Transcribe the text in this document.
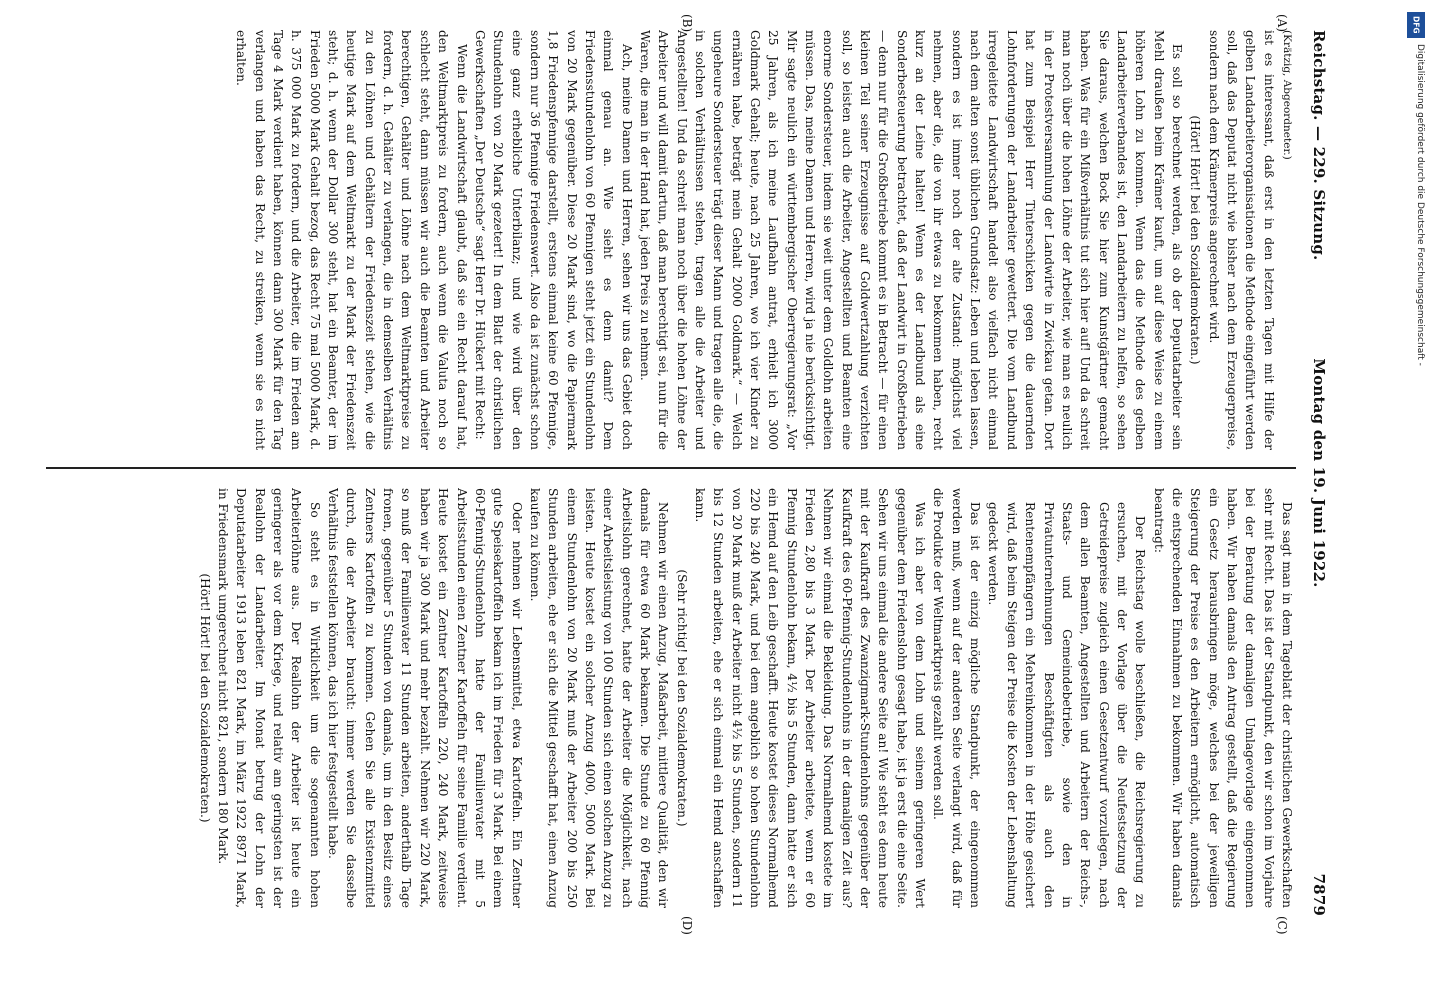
Reichstag. — 229. Sitzung.
Montag den 19. Juni 1922.
7879

(Krätzig, Abgeordneter.)

ist es interessant, daß erst in den letzten Tagen mit Hilfe der gelben Landarbeiterorganisationen die Methode eingeführt werden soll, daß das Deputat nicht wie bisher nach dem Erzeugerpreise, sondern nach dem Krämerpreis angerechnet wird.

(Hört! Hört! bei den Sozialdemokraten.)

Es soll so berechnet werden, als ob der Deputatarbeiter sein Mehl draußen beim Krämer kauft, um auf diese Weise zu einem höheren Lohn zu kommen. Wenn das die Methode des gelben Landarbeiterverbandes ist, den Landarbeitern zu helfen, so sehen Sie daraus, welchen Bock Sie hier zum Kunstgärtner gemacht haben. Was für ein Mißverhältnis tut sich hier auf! Und da schreit man noch über die hohen Löhne der Arbeiter, wie man es neulich in der Protestversammlung der Landwirte in Zwickau getan. Dort hat zum Beispiel Herr Tinterschicken gegen die dauernden Lohnforderungen der Landarbeiter gewettert. Die vom Landbund irregeleitete Landwirtschaft handelt also vielfach nicht einmal nach dem alten sonst üblichen Grundsatz: Leben und leben lassen, sondern es ist immer noch der alte Zustand: möglichst viel nehmen, aber die, die von ihr etwas zu bekommen haben, recht kurz an der Leine halten! Wenn es der Landbund als eine Sonderbesteuerung betrachtet, daß der Landwirt in Großbetrieben — denn nur für die Großbetriebe kommt es in Betracht — für einen kleinen Teil seiner Erzeugnisse auf Goldwertzahlung verzichten soll, so leisten auch die Arbeiter, Angestellten und Beamten eine enorme Sondersteuer, indem sie weit unter dem Goldlohn arbeiten müssen. Das, meine Damen und Herren, wird ja nie berücksichtigt. Mir sagte neulich ein württembergischer Oberregierungsrat: „Vor 25 Jahren, als ich meine Laufbahn antrat, erhielt ich 3000 Goldmark Gehalt; heute, nach 25 Jahren, wo ich vier Kinder zu ernähren habe, beträgt mein Gehalt 2000 Goldmark.“ — Welch ungeheure Sondersteuer trägt dieser Mann und tragen alle die, die in solchen Verhältnissen stehen, tragen alle die Arbeiter und Angestellten! Und da schreit man noch über die hohen Löhne der Arbeiter und will damit dartun, daß man berechtigt sei, nun für die Waren, die man in der Hand hat, jeden Preis zu nehmen.

Ach, meine Damen und Herren, sehen wir uns das Gebiet doch einmal genau an. Wie sieht es denn damit? Dem Friedensstundenlohn von 60 Pfennigen steht jetzt ein Stundenlohn von 20 Mark gegenüber. Diese 20 Mark sind, wo die Papiermark 1,8 Friedenspfennige darstellt, erstens einmal keine 60 Pfennige, sondern nur 36 Pfennige Friedenswert. Also da ist zunächst schon eine ganz erhebliche Unterbilanz; und wie wird über den Stundenlohn von 20 Mark gezetert! In dem Blatt der christlichen Gewerkschaften „Der Deutsche“ sagt Herr Dr. Hückert mit Recht:

Wenn die Landwirtschaft glaubt, daß sie ein Recht darauf hat, den Weltmarktpreis zu fordern, auch wenn die Valuta noch so schlecht steht, dann müssen wir auch die Beamten und Arbeiter berechtigen, Gehälter und Löhne nach dem Weltmarktpreise zu fordern, d. h. Gehälter zu verlangen, die in demselben Verhältnis zu den Löhnen und Gehältern der Friedenszeit stehen, wie die heutige Mark auf dem Weltmarkt zu der Mark der Friedenszeit steht; d. h. wenn der Dollar 300 steht, hat ein Beamter, der im Frieden 5000 Mark Gehalt bezog, das Recht 75 mal 5000 Mark, d. h. 375 000 Mark zu fordern, und die Arbeiter, die im Frieden am Tage 4 Mark verdient haben, können dann 300 Mark für den Tag verlangen und haben das Recht, zu streiken, wenn sie es nicht erhalten.

Das sagt man in dem Tageblatt der christlichen Gewerkschaften sehr mit Recht. Das ist der Standpunkt, den wir schon im Vorjahre bei der Beratung der damaligen Umlagevorlage eingenommen haben. Wir haben damals den Antrag gestellt, daß die Regierung ein Gesetz herausbringen möge, welches bei der jeweiligen Steigerung der Preise es den Arbeitern ermöglicht, automatisch die entsprechenden Einnahmen zu bekommen. Wir haben damals beantragt:

Der Reichstag wolle beschließen, die Reichsregierung zu ersuchen, mit der Vorlage über die Neufestsetzung der Getreidepreise zugleich einen Gesetzentwurf vorzulegen, nach dem allen Beamten, Angestellten und Arbeitern der Reichs-, Staats- und Gemeindebetriebe, sowie den in Privatunternehmungen Beschäftigten als auch den Rentenempfängern ein Mehreinkommen in der Höhe gesichert wird, daß beim Steigen der Preise die Kosten der Lebenshaltung gedeckt werden.

Das ist der einzig mögliche Standpunkt, der eingenommen werden muß, wenn auf der anderen Seite verlangt wird, daß für die Produkte der Weltmarktpreis gezahlt werden soll.

Was ich aber von dem Lohn und seinem geringeren Wert gegenüber dem Friedenslohn gesagt habe, ist ja erst die eine Seite. Sehen wir uns einmal die andere Seite an! Wie steht es denn heute mit der Kaufkraft des Zwanzigmark-Stundenlohns gegenüber der Kaufkraft des 60-Pfennig-Stundenlohns in der damaligen Zeit aus? Nehmen wir einmal die Bekleidung. Das Normalhemd kostete im Frieden 2,80 bis 3 Mark. Der Arbeiter arbeitete, wenn er 60 Pfennig Stundenlohn bekam, 4½ bis 5 Stunden, dann hatte er sich ein Hemd auf den Leib geschafft. Heute kostet dieses Normalhemd 220 bis 240 Mark, und bei dem angeblich so hohen Stundenlohn von 20 Mark muß der Arbeiter nicht 4½ bis 5 Stunden, sondern 11 bis 12 Stunden arbeiten, ehe er sich einmal ein Hemd anschaffen kann.

(Sehr richtig! bei den Sozialdemokraten.)

Nehmen wir einen Anzug, Maßarbeit, mittlere Qualität, den wir damals für etwa 60 Mark bekamen. Die Stunde zu 60 Pfennig Arbeitslohn gerechnet, hatte der Arbeiter die Möglichkeit, nach einer Arbeitsleistung von 100 Stunden sich einen solchen Anzug zu leisten. Heute kostet ein solcher Anzug 4000, 5000 Mark. Bei einem Stundenlohn von 20 Mark muß der Arbeiter 200 bis 250 Stunden arbeiten, ehe er sich die Mittel geschafft hat, einen Anzug kaufen zu können.

Oder nehmen wir Lebensmittel, etwa Kartoffeln. Ein Zentner gute Speisekartoffeln bekam ich im Frieden für 3 Mark. Bei einem 60-Pfennig-Stundenlohn hatte der Familienvater mit 5 Arbeitsstunden einen Zentner Kartoffeln für seine Familie verdient. Heute kostet ein Zentner Kartoffeln 220, 240 Mark, zeitweise haben wir ja 300 Mark und mehr bezahlt. Nehmen wir 220 Mark, so muß der Familienvater 11 Stunden arbeiten, anderthalb Tage fronen, gegenüber 5 Stunden von damals, um in den Besitz eines Zentners Kartoffeln zu kommen. Gehen Sie alle Existenzmittel durch, die der Arbeiter braucht: immer werden Sie dasselbe Verhältnis feststellen können, das ich hier festgestellt habe.

So steht es in Wirklichkeit um die sogenannten hohen Arbeiterlöhne aus. Der Reallohn der Arbeiter ist heute ein geringerer als vor dem Kriege, und relativ am geringsten ist der Reallohn der Landarbeiter. Im Monat betrug der Lohn der Deputatarbeiter 1913 leben 821 Mark, im März 1922 8971 Mark, in Friedensmark umgerechnet nicht 821, sondern 180 Mark.

(Hört! Hört! bei den Sozialdemokraten.)

(A)
(B)
(C)
(D)
DFG
Digitalisierung gefördert durch die Deutsche Forschungsgemeinschaft -
